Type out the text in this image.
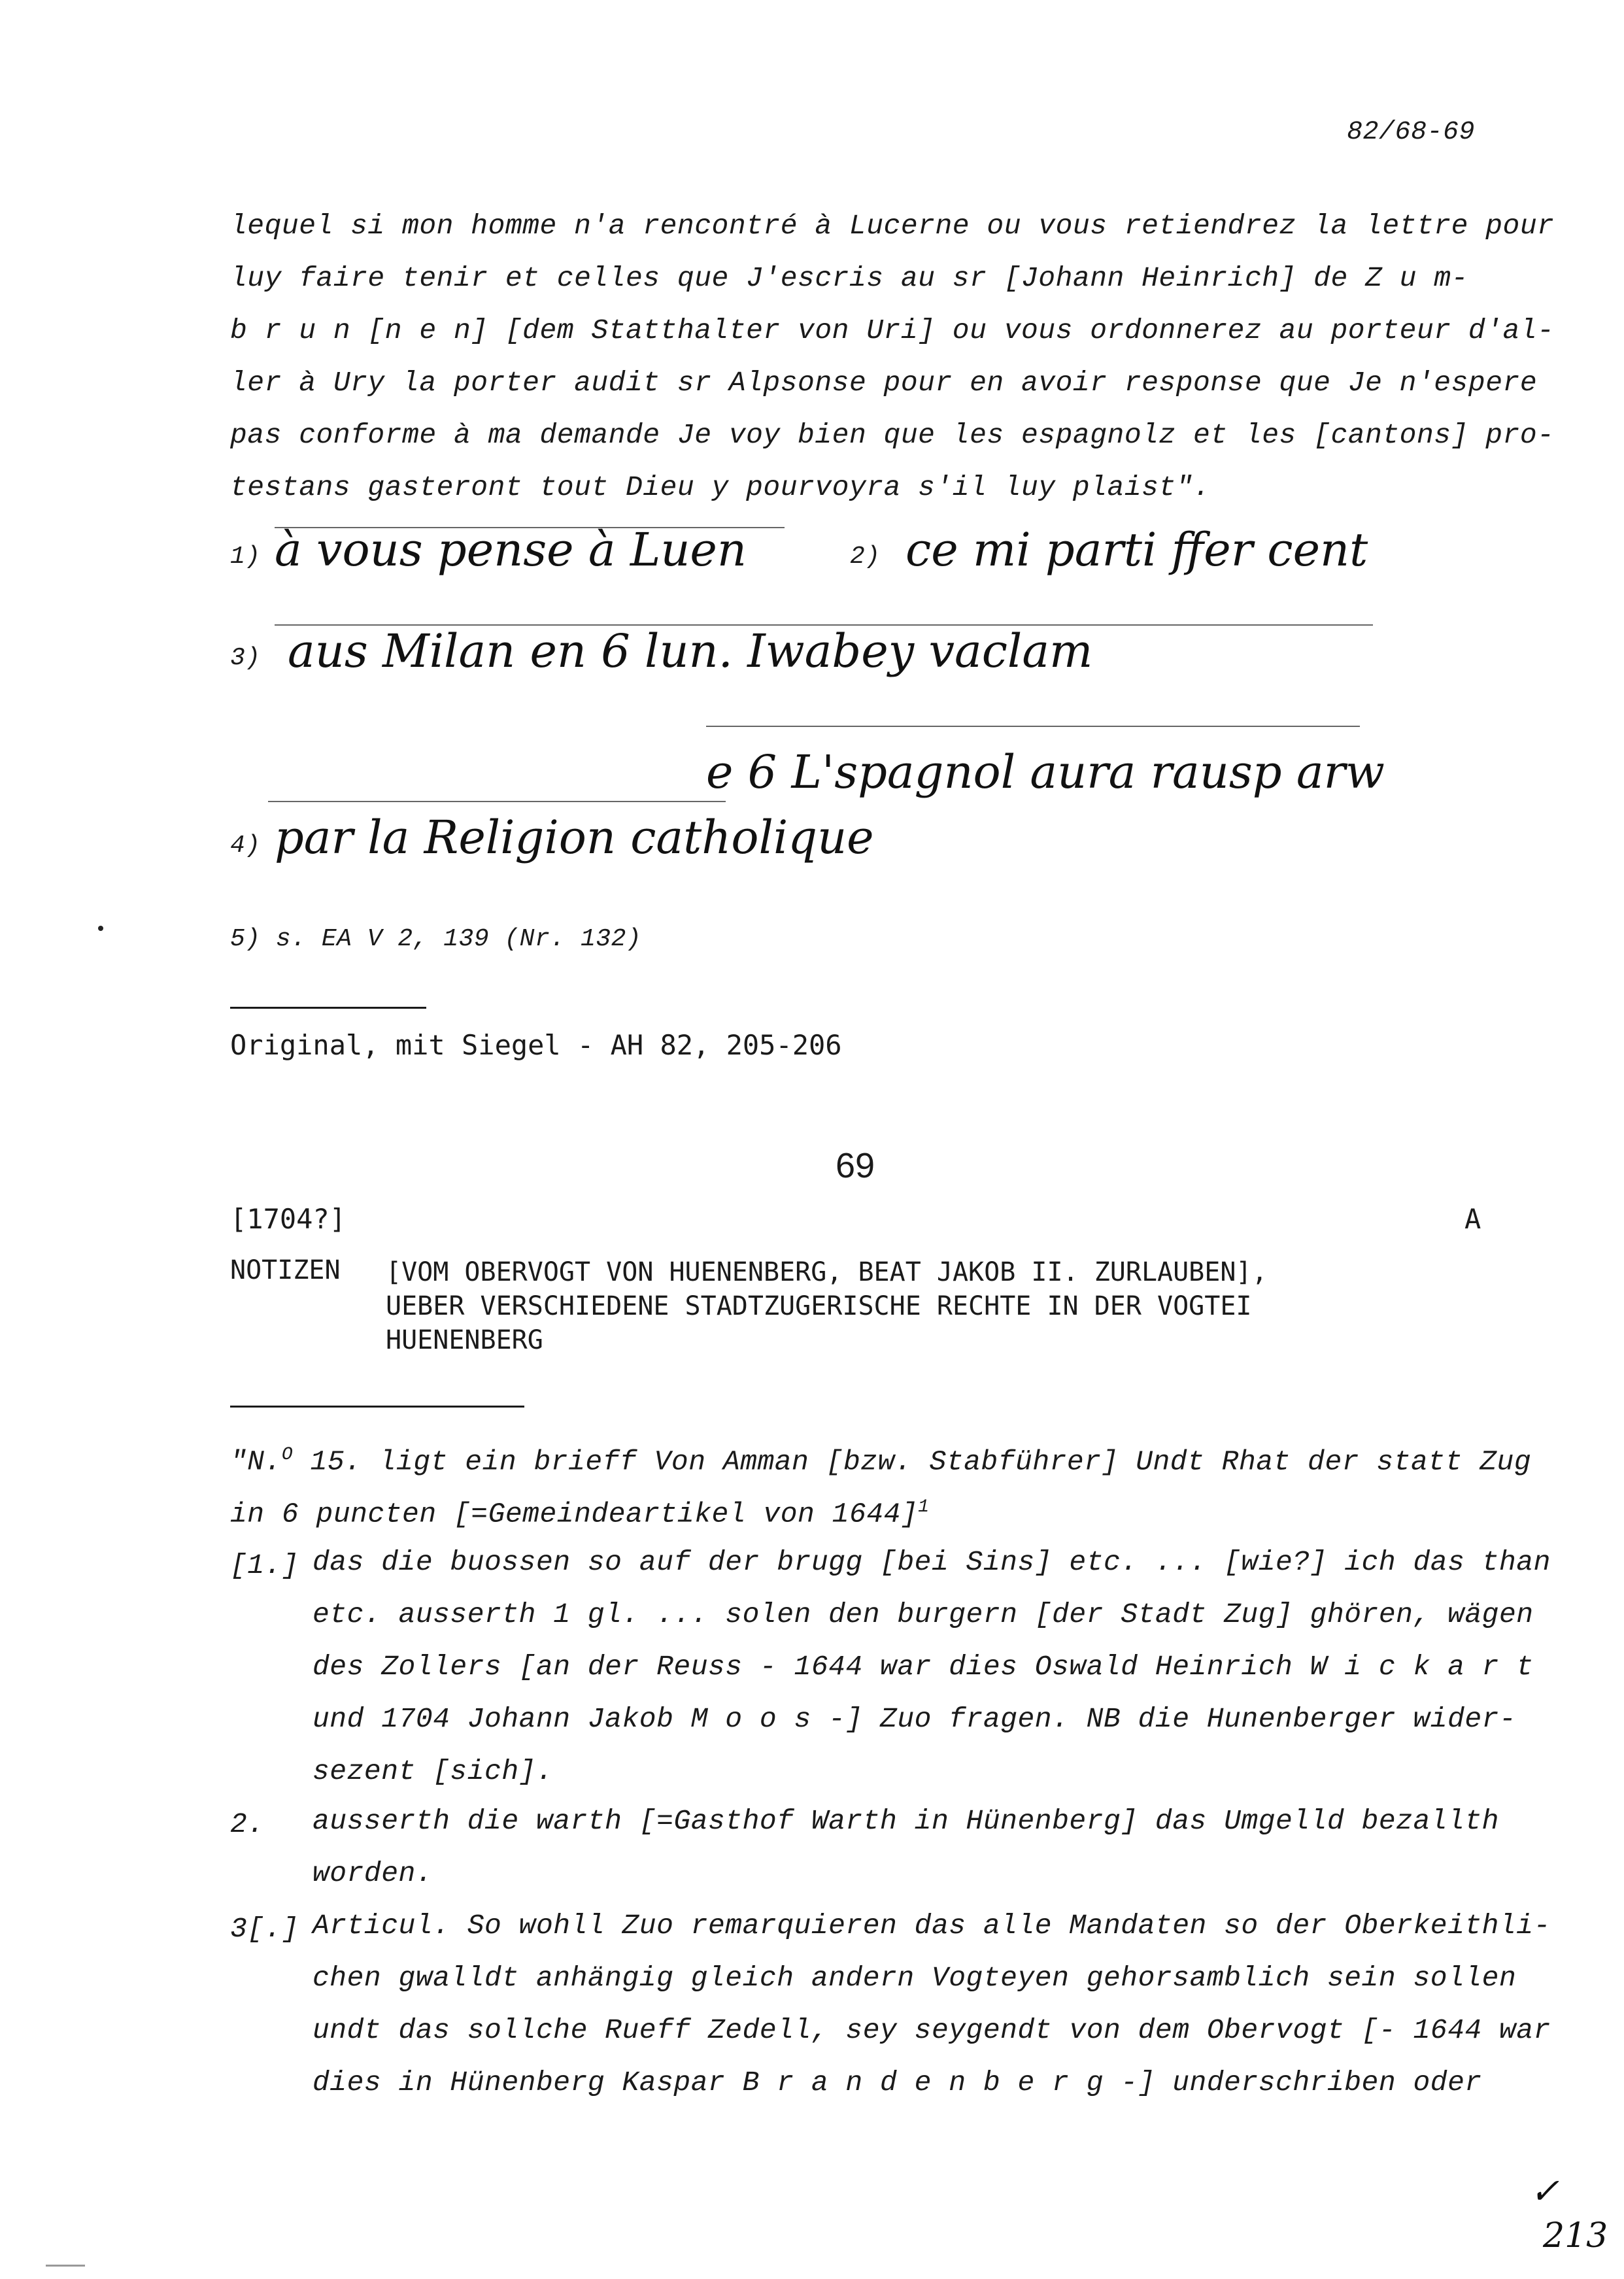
82/68-69
lequel si mon homme n'a rencontré à Lucerne ou vous retiendrez la lettre pour
luy faire tenir et celles que J'escris au sr [Johann Heinrich] de Z u m-
b r u n [n e n] [dem Statthalter von Uri] ou vous ordonnerez au porteur d'al-
ler à Ury la porter audit sr Alpsonse pour en avoir response que Je n'espere
pas conforme à ma demande Je voy bien que les espagnolz et les [cantons] pro-
testans gasteront tout Dieu y pourvoyra s'il luy plaist".
1) à vous pense à Luen	2) ce mi parti ffer cent
3) aus Milan en 6 lun. Iwabey vaclam
e 6 L'spagnol aura rausp arw
4) par la Religion catholique
5) s. EA V 2, 139 (Nr. 132)
Original, mit Siegel - AH 82, 205-206
69
[1704?]	A
NOTIZEN [VOM OBERVOGT VON HUENENBERG, BEAT JAKOB II. ZURLAUBEN],
UEBER VERSCHIEDENE STADTZUGERISCHE RECHTE IN DER VOGTEI
HUENENBERG
"N.$^O$ 15. ligt ein brieff Von Amman [bzw. Stabführer] Undt Rhat der statt Zug
in 6 puncten [=Gemeindeartikel von 1644]$^1$
[1.] das die buossen so auf der brugg [bei Sins] etc. ... [wie?] ich das than
etc. ausserth 1 gl. ... solen den burgern [der Stadt Zug] ghören, wägen
des Zollers [an der Reuss - 1644 war dies Oswald Heinrich W i c k a r t
und 1704 Johann Jakob M o o s -] Zuo fragen. NB die Hunenberger wider-
sezent [sich].
2. ausserth die warth [=Gasthof Warth in Hünenberg] das Umgelld bezallth
worden.
3[.] Articul. So wohll Zuo remarquieren das alle Mandaten so der Oberkeithli-
chen gwalldt anhängig gleich andern Vogteyen gehorsamblich sein sollen
undt das sollche Rueff Zedell, sey seygendt von dem Obervogt [- 1644 war
dies in Hünenberg Kaspar B r a n d e n b e r g -] underschriben oder
✓
213
